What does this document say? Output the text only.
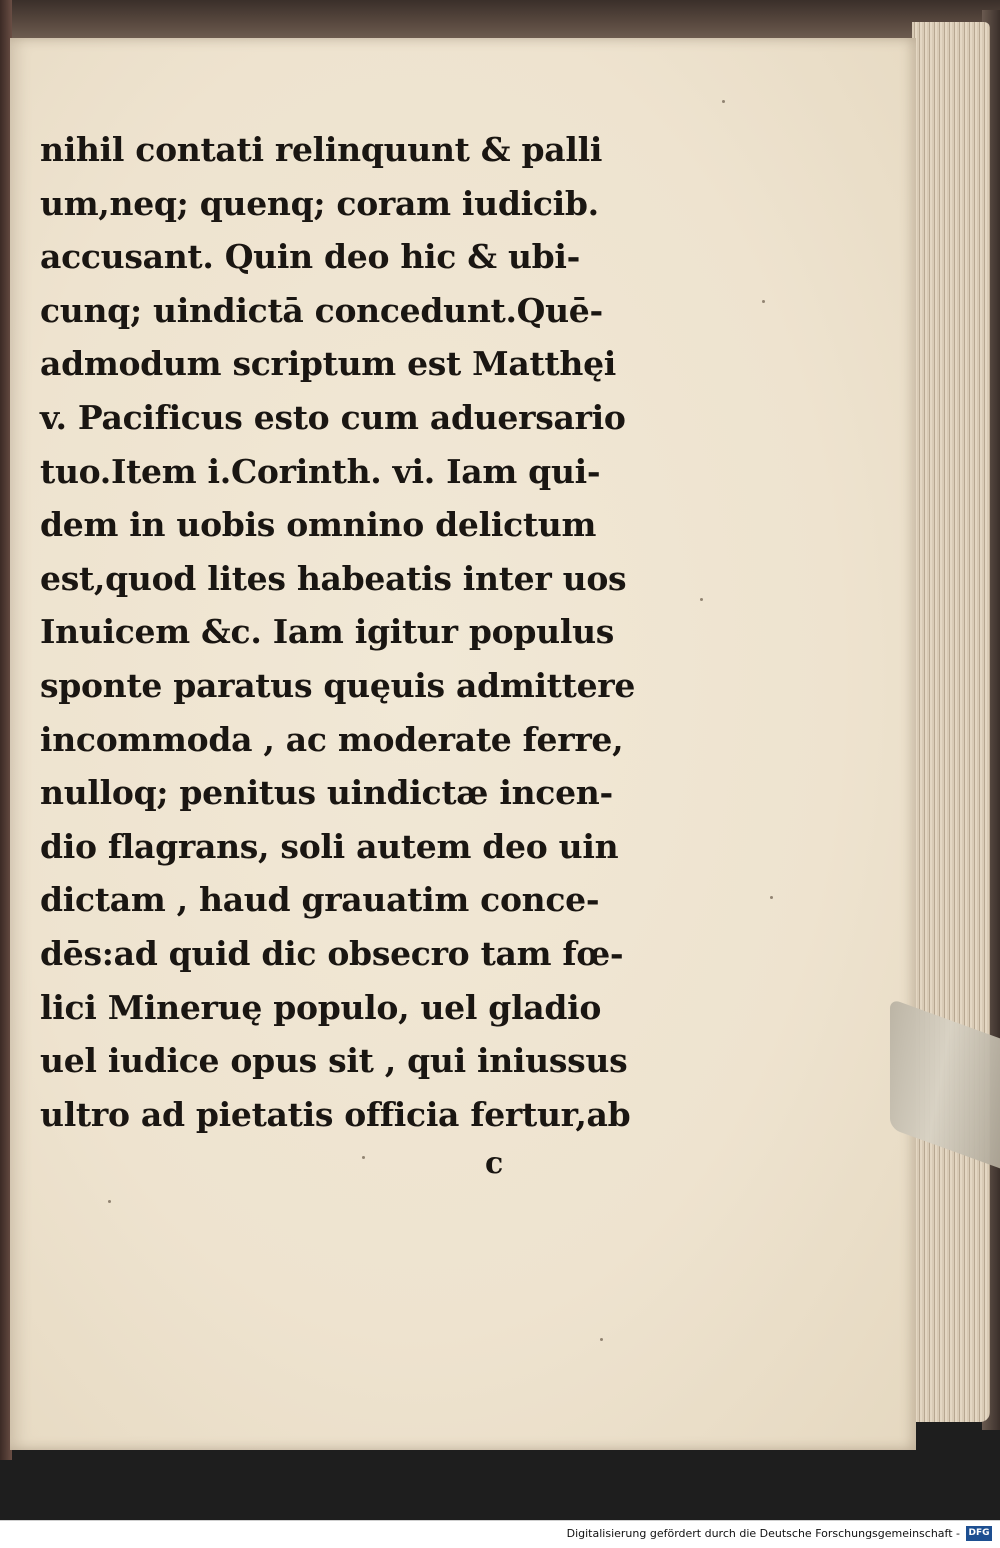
nihil contati relinquunt & palli
um,neq; quenq; coram iudicib.
accusant. Quin deo hic & ubi-
cunq; uindictā concedunt.Quē-
admodum scriptum est Matthęi
v. Pacificus esto cum aduersario
tuo.Item i.Corinth. vi. Iam qui-
dem in uobis omnino delictum
est,quod lites habeatis inter uos
Inuicem &c. Iam igitur populus
sponte paratus quęuis admittere
incommoda , ac moderate ferre,
nulloq; penitus uindictæ incen-
dio flagrans, soli autem deo uin
dictam , haud grauatim conce-
dēs:ad quid dic obsecro tam fœ-
lici Mineruę populo, uel gladio
uel iudice opus sit , qui iniussus
ultro ad pietatis officia fertur,ab
c
Digitalisierung gefördert durch die Deutsche Forschungsgemeinschaft - DFG
